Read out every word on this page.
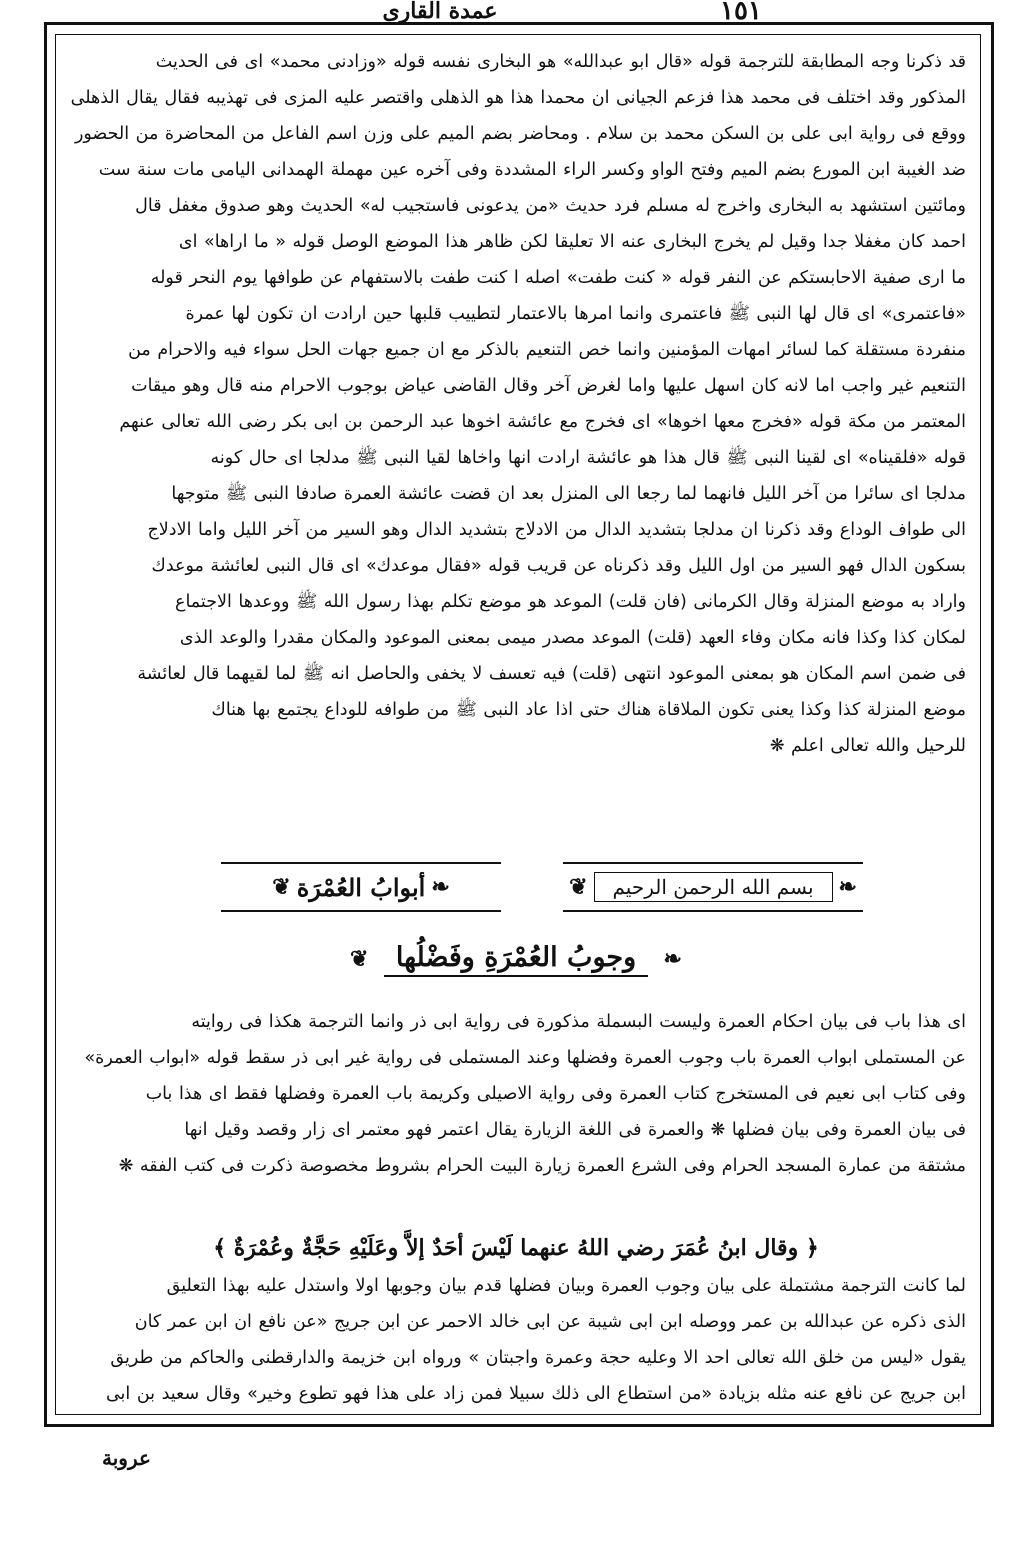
عمدة القارى	١٥١

قد ذكرنا وجه المطابقة للترجمة قوله «قال ابو عبدالله» هو البخارى نفسه قوله «وزادنى محمد» اى فى الحديث

المذكور وقد اختلف فى محمد هذا فزعم الجيانى ان محمدا هذا هو الذهلى واقتصر عليه المزى فى تهذيبه فقال يقال الذهلى

ووقع فى رواية ابى على بن السكن محمد بن سلام . ومحاضر بضم الميم على وزن اسم الفاعل من المحاضرة من الحضور

ضد الغيبة ابن المورع بضم الميم وفتح الواو وكسر الراء المشددة وفى آخره عين مهملة الهمدانى اليامى مات سنة ست

ومائتين استشهد به البخارى واخرج له مسلم فرد حديث «من يدعونى فاستجيب له» الحديث وهو صدوق مغفل قال

احمد كان مغفلا جدا وقيل لم يخرج البخارى عنه الا تعليقا لكن ظاهر هذا الموضع الوصل قوله « ما اراها» اى

ما ارى صفية الاحابستكم عن النفر قوله « كنت طفت» اصله ا كنت طفت بالاستفهام عن طوافها يوم النحر قوله

«فاعتمرى» اى قال لها النبى ﷺ فاعتمرى وانما امرها بالاعتمار لتطييب قلبها حين ارادت ان تكون لها عمرة

منفردة مستقلة كما لسائر امهات المؤمنين وانما خص التنعيم بالذكر مع ان جميع جهات الحل سواء فيه والاحرام من

التنعيم غير واجب اما لانه كان اسهل عليها واما لغرض آخر وقال القاضى عياض بوجوب الاحرام منه قال وهو ميقات

المعتمر من مكة قوله «فخرج معها اخوها» اى فخرج مع عائشة اخوها عبد الرحمن بن ابى بكر رضى الله تعالى عنهم

قوله «فلقيناه» اى لقينا النبى ﷺ قال هذا هو عائشة ارادت انها واخاها لقيا النبى ﷺ مدلجا اى حال كونه

مدلجا اى سائرا من آخر الليل فانهما لما رجعا الى المنزل بعد ان قضت عائشة العمرة صادفا النبى ﷺ متوجها

الى طواف الوداع وقد ذكرنا ان مدلجا بتشديد الدال من الادلاج بتشديد الدال وهو السير من آخر الليل واما الادلاج

بسكون الدال فهو السير من اول الليل وقد ذكرناه عن قريب قوله «فقال موعدك» اى قال النبى لعائشة موعدك

واراد به موضع المنزلة وقال الكرمانى (فان قلت) الموعد هو موضع تكلم بهذا رسول الله ﷺ ووعدها الاجتماع

لمكان كذا وكذا فانه مكان وفاء العهد (قلت) الموعد مصدر ميمى بمعنى الموعود والمكان مقدرا والوعد الذى

فى ضمن اسم المكان هو بمعنى الموعود انتهى (قلت) فيه تعسف لا يخفى والحاصل انه ﷺ لما لقيهما قال لعائشة

موضع المنزلة كذا وكذا يعنى تكون الملاقاة هناك حتى اذا عاد النبى ﷺ من طوافه للوداع يجتمع بها هناك

للرحيل والله تعالى اعلم ❋

❧
بسم الله الرحمن الرحيم
❦
❧
أبوابُ العُمْرَة
❦
❧ وجوبُ العُمْرَةِ وفَضْلُها ❦

اى هذا باب فى بيان احكام العمرة وليست البسملة مذكورة فى رواية ابى ذر وانما الترجمة هكذا فى روايته

عن المستملى ابواب العمرة باب وجوب العمرة وفضلها وعند المستملى فى رواية غير ابى ذر سقط قوله «ابواب العمرة»

وفى كتاب ابى نعيم فى المستخرج كتاب العمرة وفى رواية الاصيلى وكريمة باب العمرة وفضلها فقط اى هذا باب

فى بيان العمرة وفى بيان فضلها ❋ والعمرة فى اللغة الزيارة يقال اعتمر فهو معتمر اى زار وقصد وقيل انها

مشتقة من عمارة المسجد الحرام وفى الشرع العمرة زيارة البيت الحرام بشروط مخصوصة ذكرت فى كتب الفقه ❋

﴿ وقال ابنُ عُمَرَ رضي اللهُ عنهما لَيْسَ أحَدٌ إلاَّ وعَلَيْهِ حَجَّةٌ وعُمْرَةٌ ﴾

لما كانت الترجمة مشتملة على بيان وجوب العمرة وبيان فضلها قدم بيان وجوبها اولا واستدل عليه بهذا التعليق

الذى ذكره عن عبدالله بن عمر ووصله ابن ابى شيبة عن ابى خالد الاحمر عن ابن جريج «عن نافع ان ابن عمر كان

يقول «ليس من خلق الله تعالى احد الا وعليه حجة وعمرة واجبتان » ورواه ابن خزيمة والدارقطنى والحاكم من طريق

ابن جريج عن نافع عنه مثله بزيادة «من استطاع الى ذلك سبيلا فمن زاد على هذا فهو تطوع وخير» وقال سعيد بن ابى

عروبة
